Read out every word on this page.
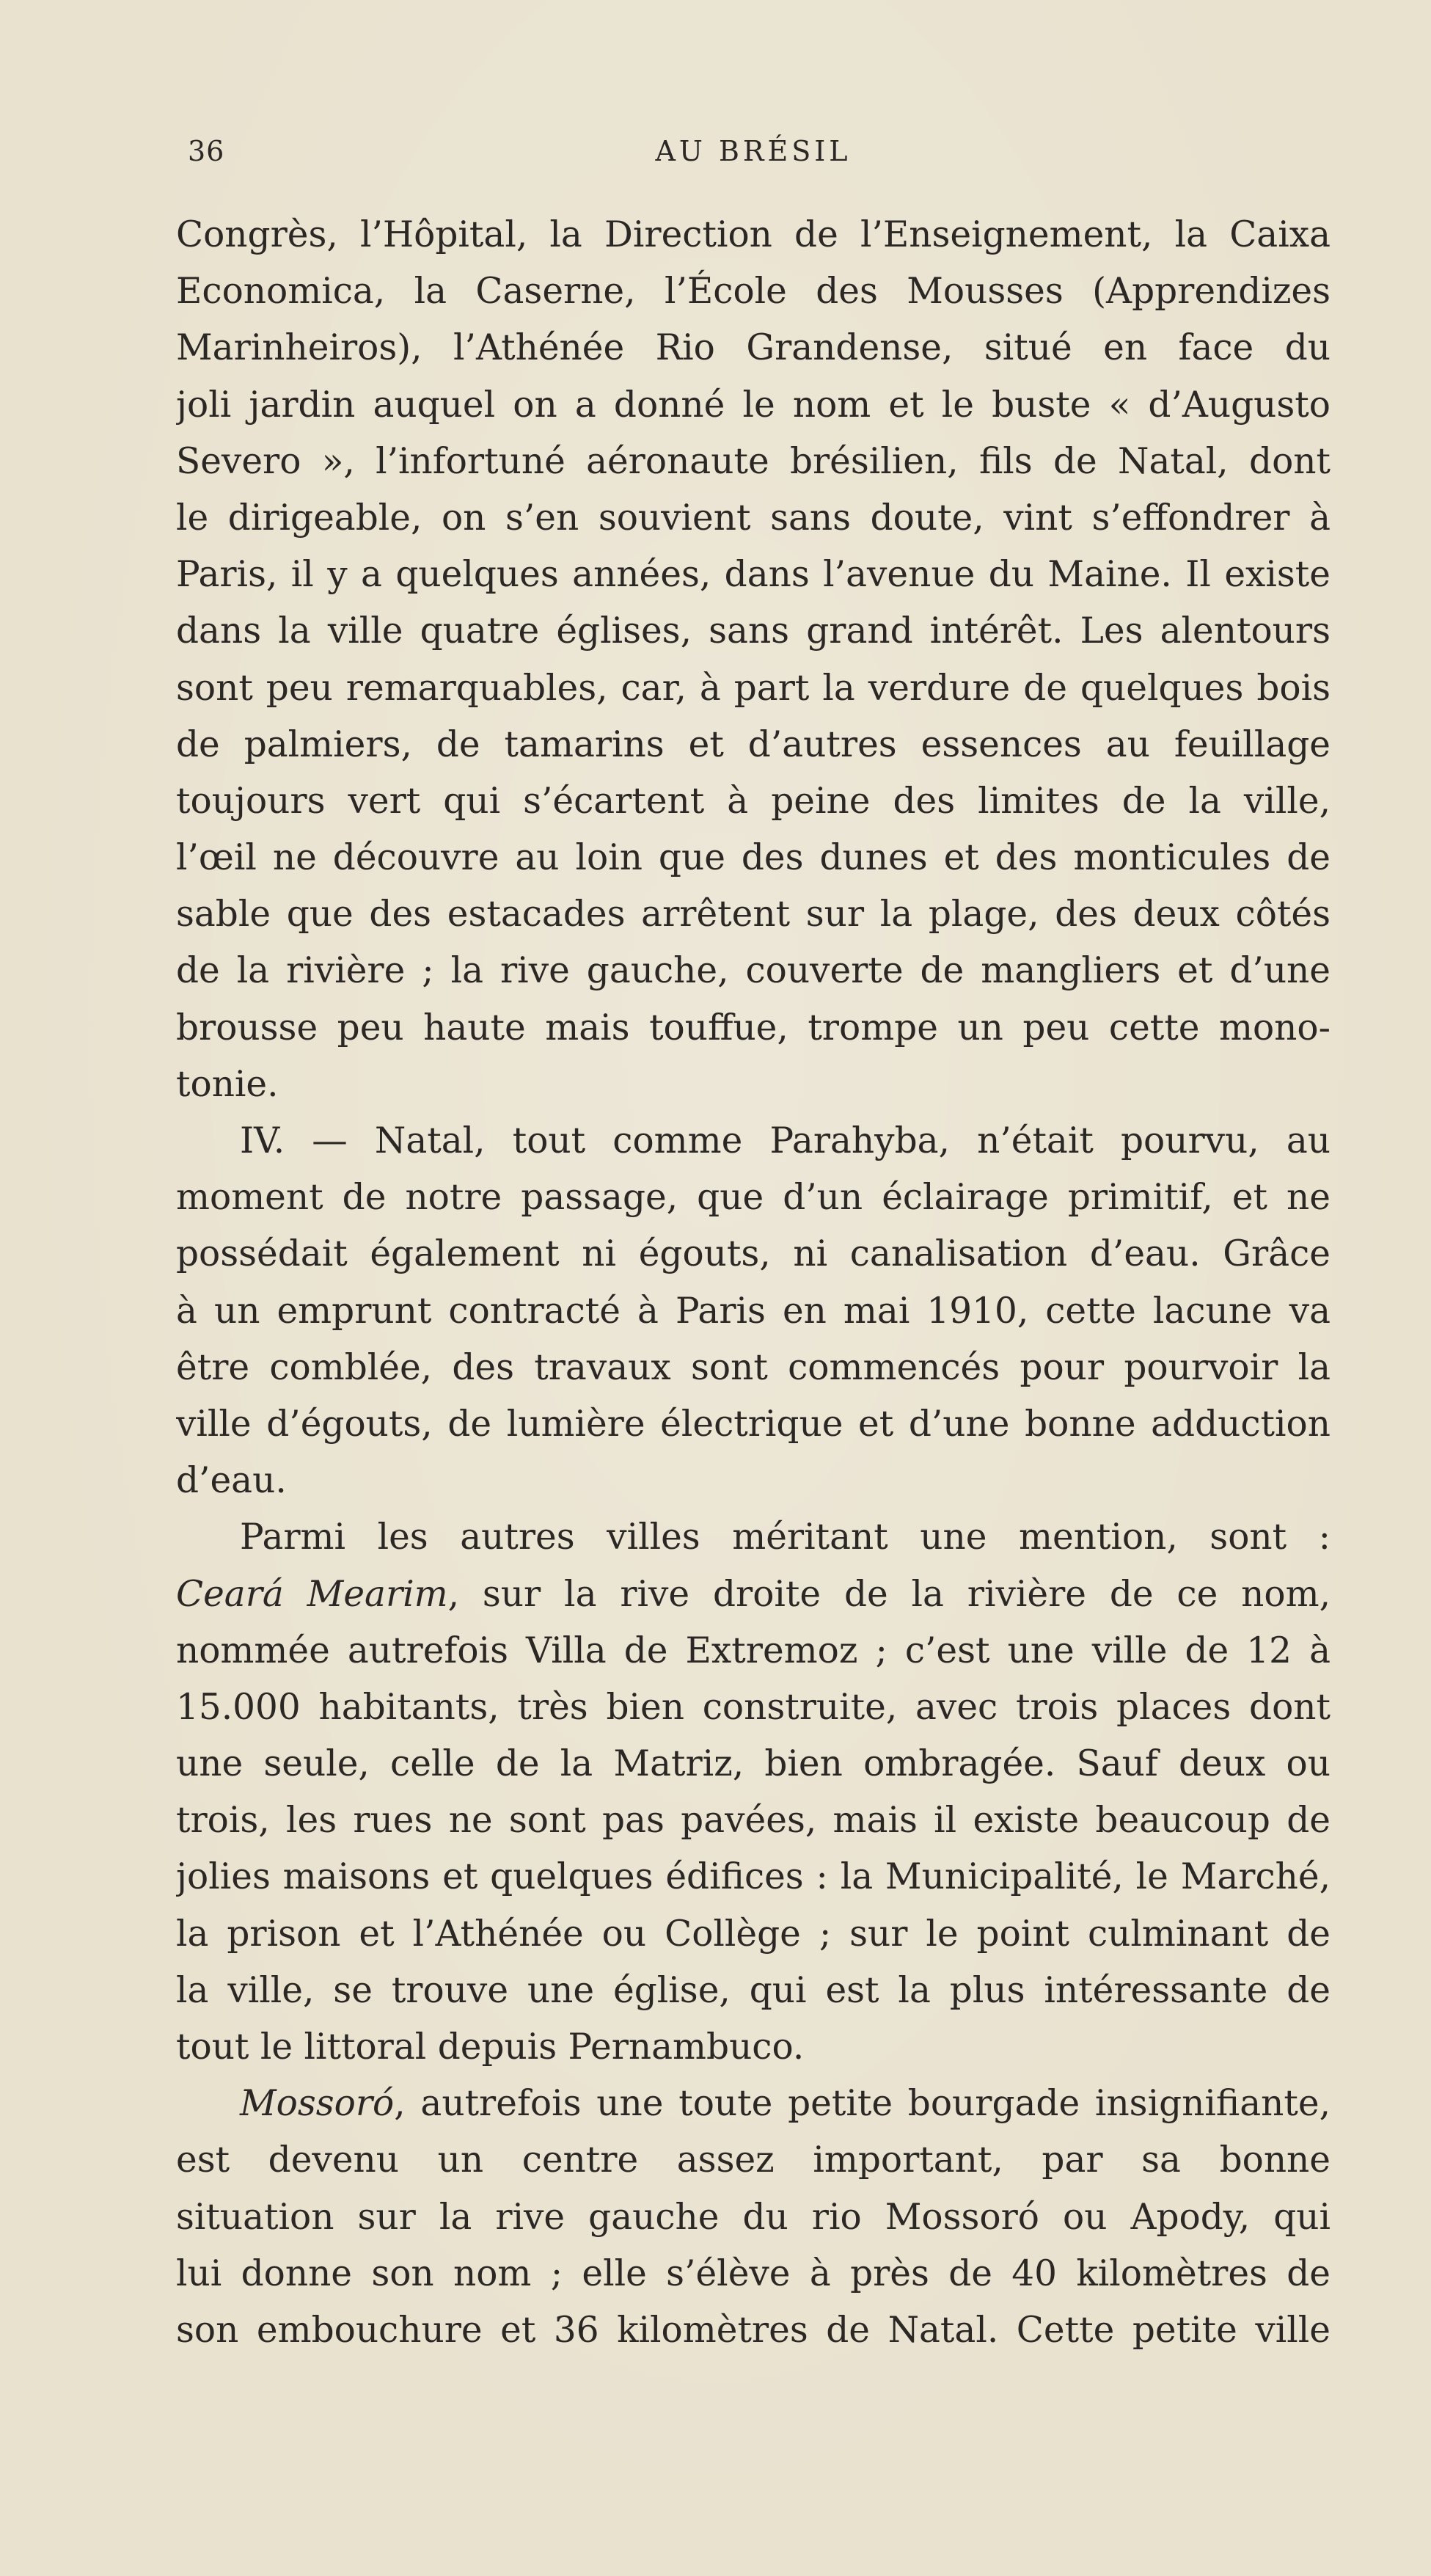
36	AU BRÉSIL
Congrès, l’Hôpital, la Direction de l’Enseignement, la Caixa
Economica, la Caserne, l’École des Mousses (Apprendizes
Marinheiros), l’Athénée Rio Grandense, situé en face du
joli jardin auquel on a donné le nom et le buste « d’Augusto
Severo », l’infortuné aéronaute brésilien, fils de Natal, dont
le dirigeable, on s’en souvient sans doute, vint s’effondrer à
Paris, il y a quelques années, dans l’avenue du Maine. Il existe
dans la ville quatre églises, sans grand intérêt. Les alentours
sont peu remarquables, car, à part la verdure de quelques bois
de palmiers, de tamarins et d’autres essences au feuillage
toujours vert qui s’écartent à peine des limites de la ville,
l’œil ne découvre au loin que des dunes et des monticules de
sable que des estacades arrêtent sur la plage, des deux côtés
de la rivière ; la rive gauche, couverte de mangliers et d’une
brousse peu haute mais touffue, trompe un peu cette mono-
tonie.
IV. — Natal, tout comme Parahyba, n’était pourvu, au
moment de notre passage, que d’un éclairage primitif, et ne
possédait également ni égouts, ni canalisation d’eau. Grâce
à un emprunt contracté à Paris en mai 1910, cette lacune va
être comblée, des travaux sont commencés pour pourvoir la
ville d’égouts, de lumière électrique et d’une bonne adduction
d’eau.
Parmi les autres villes méritant une mention, sont :
Ceará Mearim, sur la rive droite de la rivière de ce nom,
nommée autrefois Villa de Extremoz ; c’est une ville de 12 à
15.000 habitants, très bien construite, avec trois places dont
une seule, celle de la Matriz, bien ombragée. Sauf deux ou
trois, les rues ne sont pas pavées, mais il existe beaucoup de
jolies maisons et quelques édifices : la Municipalité, le Marché,
la prison et l’Athénée ou Collège ; sur le point culminant de
la ville, se trouve une église, qui est la plus intéressante de
tout le littoral depuis Pernambuco.
Mossoró, autrefois une toute petite bourgade insignifiante,
est devenu un centre assez important, par sa bonne
situation sur la rive gauche du rio Mossoró ou Apody, qui
lui donne son nom ; elle s’élève à près de 40 kilomètres de
son embouchure et 36 kilomètres de Natal. Cette petite ville
